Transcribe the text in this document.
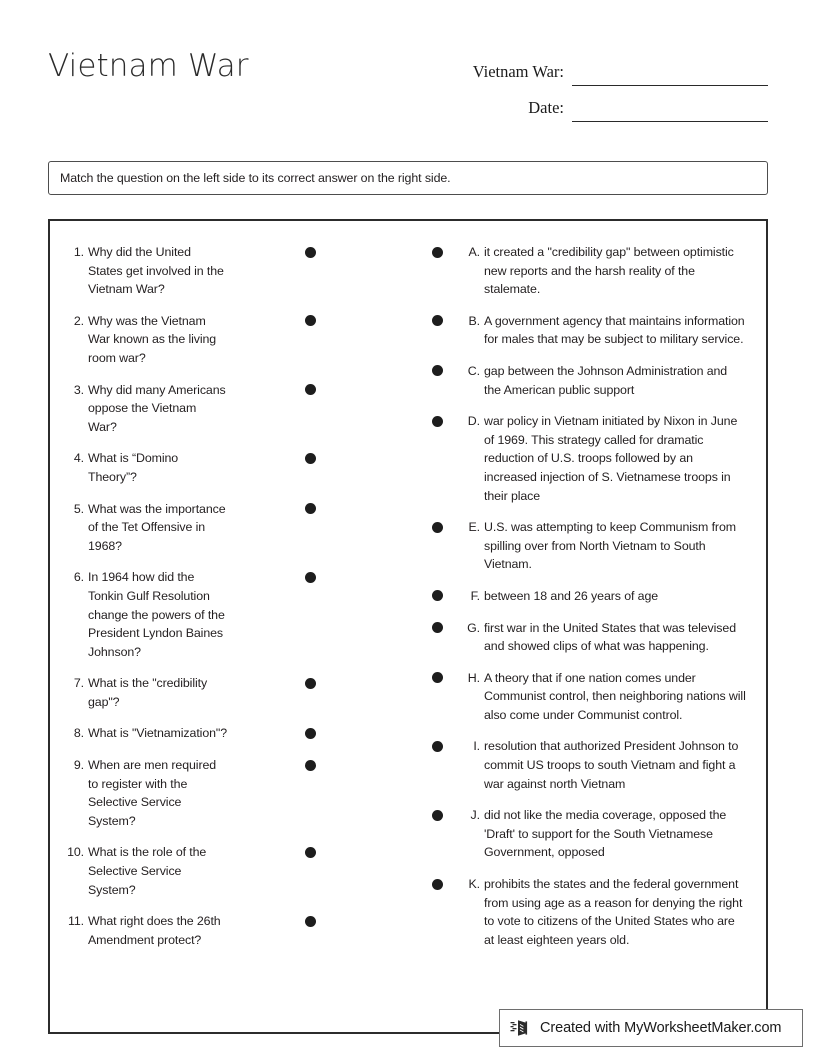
Vietnam War	Vietnam War:
Date:
Match the question on the left side to its correct answer on the right side.
1. Why did the United States get involved in the Vietnam War?
2. Why was the Vietnam War known as the living room war?
3. Why did many Americans oppose the Vietnam War?
4. What is “Domino Theory”?
5. What was the importance of the Tet Offensive in 1968?
6. In 1964 how did the Tonkin Gulf Resolution change the powers of the President Lyndon Baines Johnson?
7. What is the "credibility gap"?
8. What is "Vietnamization"?
9. When are men required to register with the Selective Service System?
10. What is the role of the Selective Service System?
11. What right does the 26th Amendment protect?
A. it created a "credibility gap" between optimistic new reports and the harsh reality of the stalemate.
B. A government agency that maintains information for males that may be subject to military service.
C. gap between the Johnson Administration and the American public support
D. war policy in Vietnam initiated by Nixon in June of 1969. This strategy called for dramatic reduction of U.S. troops followed by an increased injection of S. Vietnamese troops in their place
E. U.S. was attempting to keep Communism from spilling over from North Vietnam to South Vietnam.
F. between 18 and 26 years of age
G. first war in the United States that was televised and showed clips of what was happening.
H. A theory that if one nation comes under Communist control, then neighboring nations will also come under Communist control.
I. resolution that authorized President Johnson to commit US troops to south Vietnam and fight a war against north Vietnam
J. did not like the media coverage, opposed the 'Draft' to support for the South Vietnamese Government, opposed
K. prohibits the states and the federal government from using age as a reason for denying the right to vote to citizens of the United States who are at least eighteen years old.
Created with MyWorksheetMaker.com
